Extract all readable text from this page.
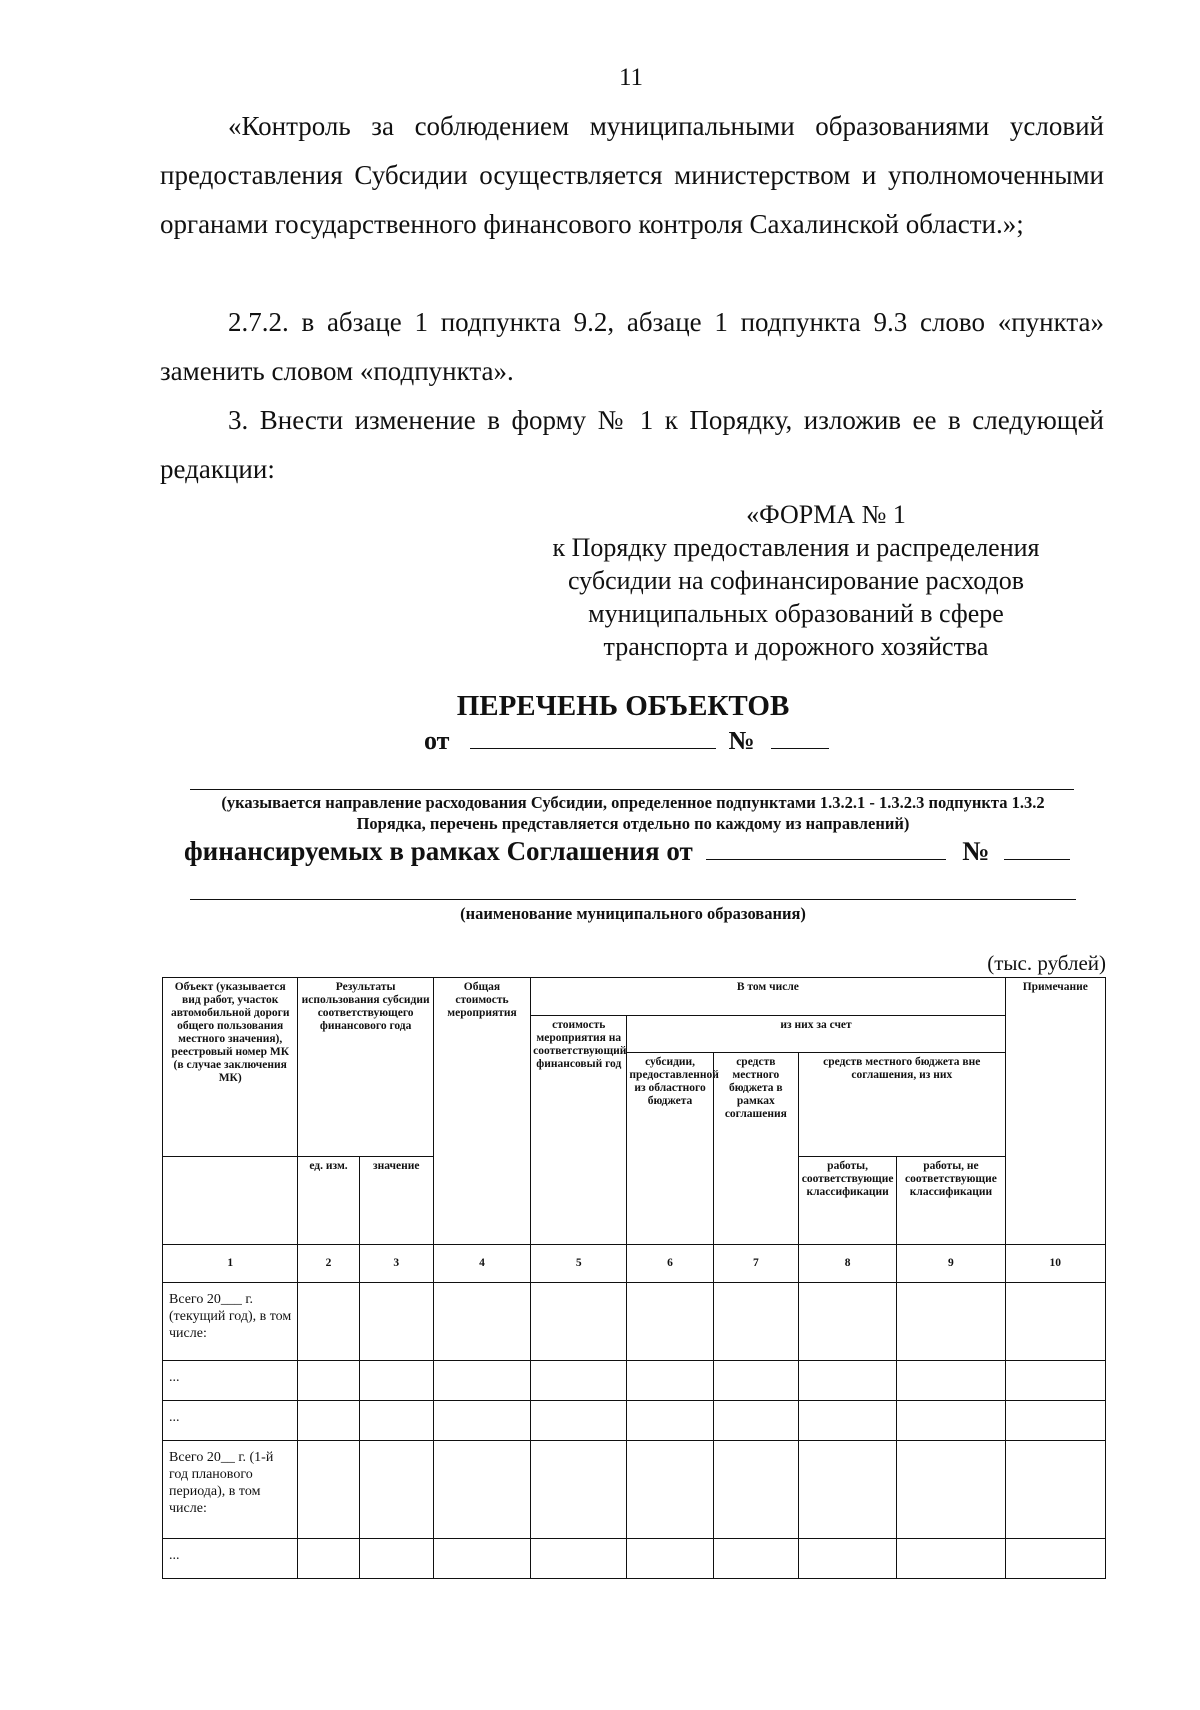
11
«Контроль за соблюдением муниципальными образованиями условий предоставления Субсидии осуществляется министерством и уполномоченными органами государственного финансового контроля Сахалинской области.»;
2.7.2. в абзаце 1 подпункта 9.2, абзаце 1 подпункта 9.3 слово «пункта» заменить словом «подпункта».
3. Внести изменение в форму № 1 к Порядку, изложив ее в следующей редакции:
«ФОРМА № 1
к Порядку предоставления и распределения
субсидии на софинансирование расходов
муниципальных образований в сфере
транспорта и дорожного хозяйства
ПЕРЕЧЕНЬ ОБЪЕКТОВ
от	№
(указывается направление расходования Субсидии, определенное подпунктами 1.3.2.1 - 1.3.2.3 подпункта 1.3.2 Порядка, перечень представляется отдельно по каждому из направлений)
финансируемых в рамках Соглашения от	№
(наименование муниципального образования)
(тыс. рублей)
Объект (указывается вид работ, участок автомобильной дороги общего пользования местного значения), реестровый номер МК (в случае заключения МК)	Результаты использования субсидии соответствующего финансового года		Общая стоимость мероприятия	В том числе					Примечание
				стоимость мероприятия на соответствующий финансовый год	из них за счет				
					субсидии, предоставленной из областного бюджета	средств местного бюджета в рамках соглашения	средств местного бюджета вне соглашения, из них		
	ед. изм.	значение					работы, соответствующие классификации	работы, не соответствующие классификации	
1	2	3	4	5	6	7	8	9	10
Всего 20___ г. (текущий год), в том числе:									
...									
...									
Всего 20__ г. (1-й год планового периода), в том числе:									
...									
